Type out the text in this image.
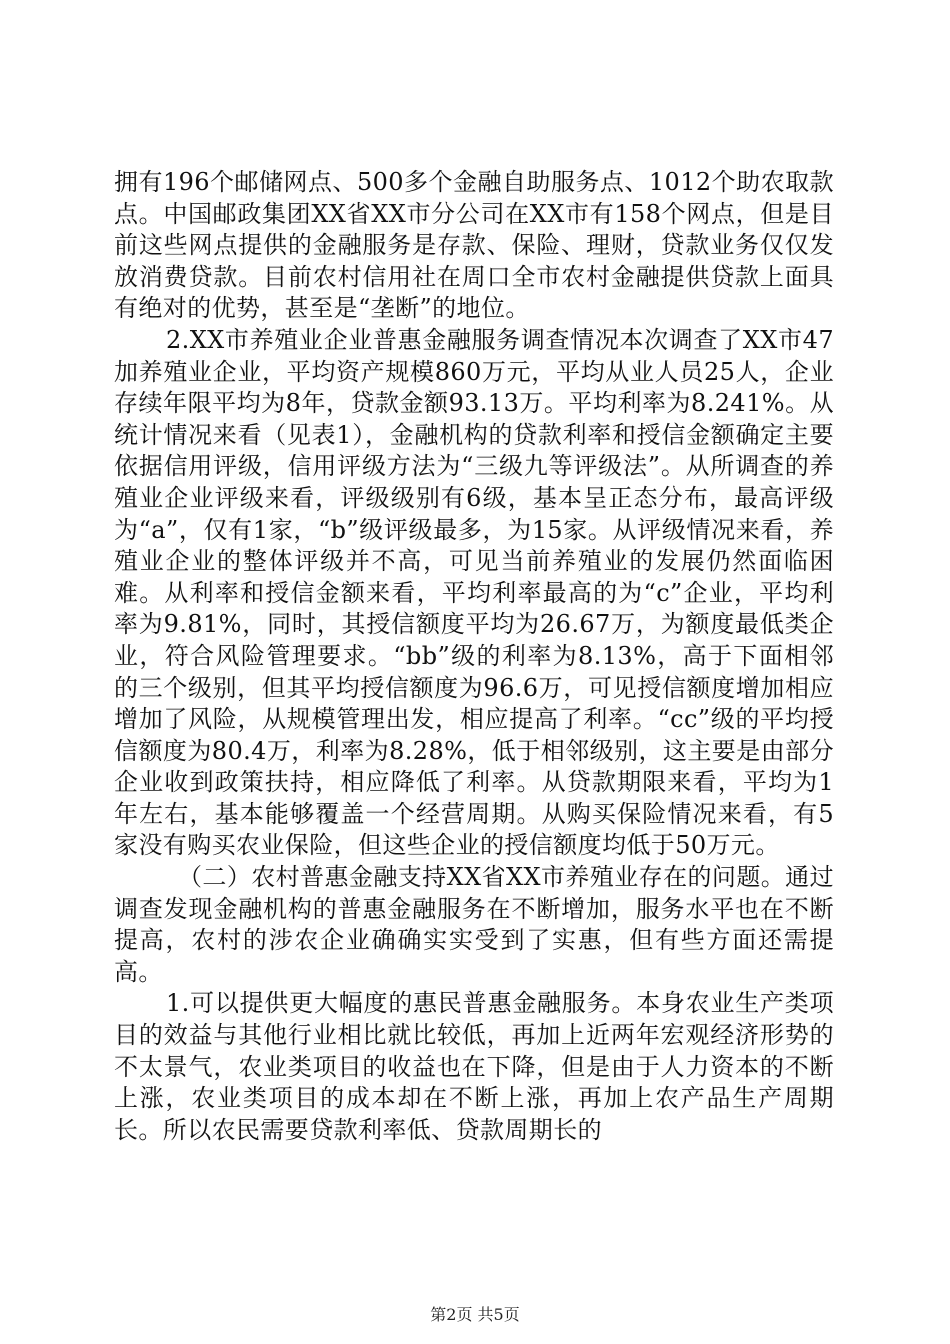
拥有196个邮储网点、500多个金融自助服务点、1012个助农取款点。中国邮政集团XX省XX市分公司在XX市有158个网点，但是目前这些网点提供的金融服务是存款、保险、理财，贷款业务仅仅发放消费贷款。目前农村信用社在周口全市农村金融提供贷款上面具有绝对的优势，甚至是“垄断”的地位。

2.XX市养殖业企业普惠金融服务调查情况本次调查了XX市47加养殖业企业，平均资产规模860万元，平均从业人员25人，企业存续年限平均为8年，贷款金额93.13万。平均利率为8.241%。从统计情况来看（见表1），金融机构的贷款利率和授信金额确定主要依据信用评级，信用评级方法为“三级九等评级法”。从所调查的养殖业企业评级来看，评级级别有6级，基本呈正态分布，最高评级为“a”，仅有1家，“b”级评级最多，为15家。从评级情况来看，养殖业企业的整体评级并不高，可见当前养殖业的发展仍然面临困难。从利率和授信金额来看，平均利率最高的为“c”企业，平均利率为9.81%，同时，其授信额度平均为26.67万，为额度最低类企业，符合风险管理要求。“bb”级的利率为8.13%，高于下面相邻的三个级别，但其平均授信额度为96.6万，可见授信额度增加相应增加了风险，从规模管理出发，相应提高了利率。“cc”级的平均授信额度为80.4万，利率为8.28%，低于相邻级别，这主要是由部分企业收到政策扶持，相应降低了利率。从贷款期限来看，平均为1年左右，基本能够覆盖一个经营周期。从购买保险情况来看，有5家没有购买农业保险，但这些企业的授信额度均低于50万元。

（二）农村普惠金融支持XX省XX市养殖业存在的问题。通过调查发现金融机构的普惠金融服务在不断增加，服务水平也在不断提高，农村的涉农企业确确实实受到了实惠，但有些方面还需提高。

1.可以提供更大幅度的惠民普惠金融服务。本身农业生产类项目的效益与其他行业相比就比较低，再加上近两年宏观经济形势的不太景气，农业类项目的收益也在下降，但是由于人力资本的不断上涨，农业类项目的成本却在不断上涨，再加上农产品生产周期长。所以农民需要贷款利率低、贷款周期长的

第2页 共5页
